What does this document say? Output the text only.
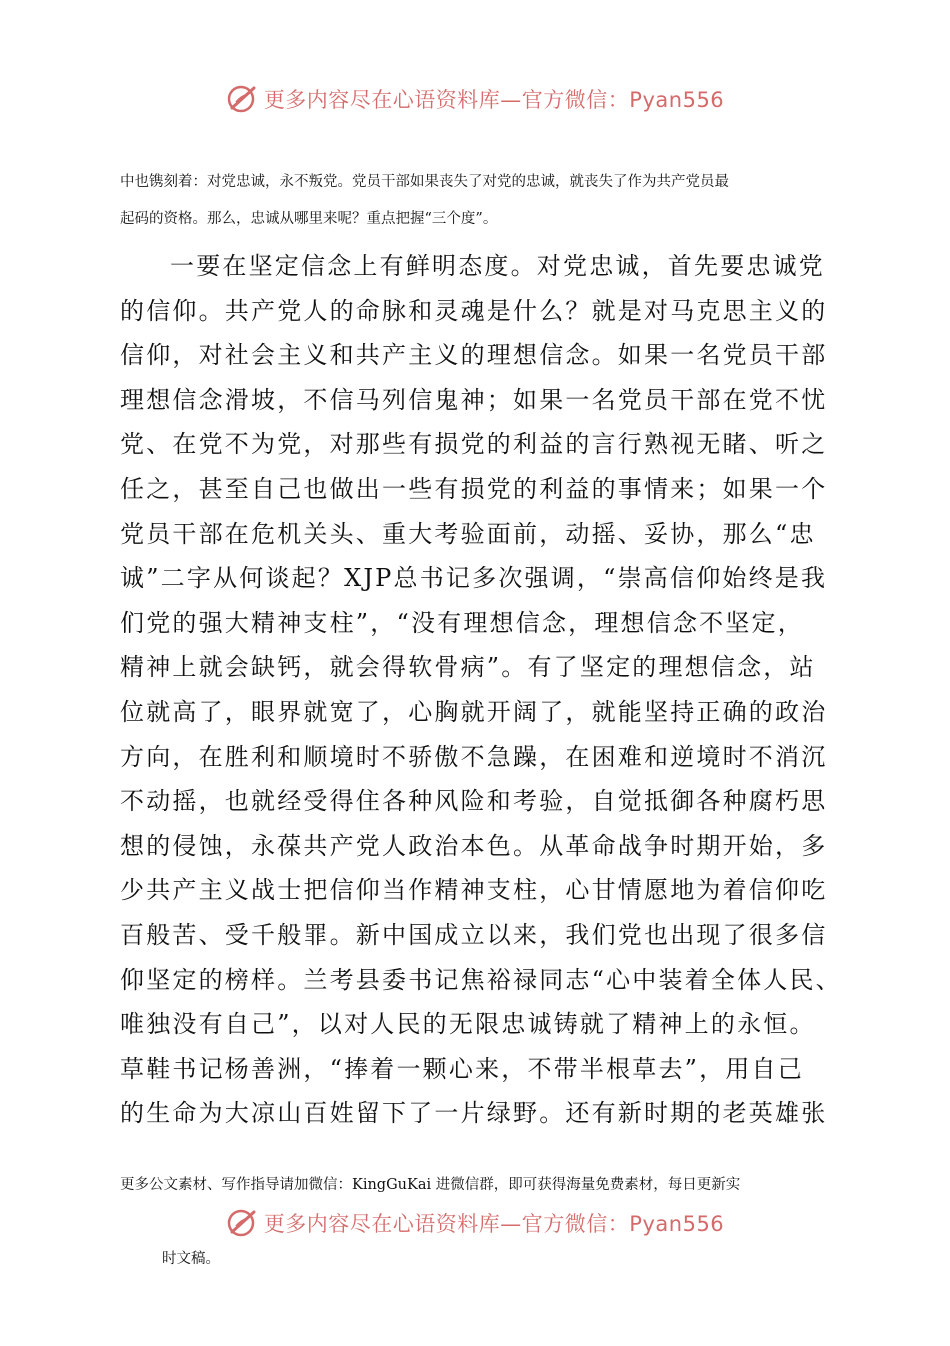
更多内容尽在心语资料库—官方微信：Pyan556
中也镌刻着：对党忠诚，永不叛党。党员干部如果丧失了对党的忠诚，就丧失了作为共产党员最
起码的资格。那么，忠诚从哪里来呢？重点把握“三个度”。
一要在坚定信念上有鲜明态度。对党忠诚，首先要忠诚党
的信仰。共产党人的命脉和灵魂是什么？就是对马克思主义的
信仰，对社会主义和共产主义的理想信念。如果一名党员干部
理想信念滑坡，不信马列信鬼神；如果一名党员干部在党不忧
党、在党不为党，对那些有损党的利益的言行熟视无睹、听之
任之，甚至自己也做出一些有损党的利益的事情来；如果一个
党员干部在危机关头、重大考验面前，动摇、妥协，那么“忠
诚”二字从何谈起？XJP总书记多次强调，“崇高信仰始终是我
们党的强大精神支柱”，“没有理想信念，理想信念不坚定，
精神上就会缺钙，就会得软骨病”。有了坚定的理想信念，站
位就高了，眼界就宽了，心胸就开阔了，就能坚持正确的政治
方向，在胜利和顺境时不骄傲不急躁，在困难和逆境时不消沉
不动摇，也就经受得住各种风险和考验，自觉抵御各种腐朽思
想的侵蚀，永葆共产党人政治本色。从革命战争时期开始，多
少共产主义战士把信仰当作精神支柱，心甘情愿地为着信仰吃
百般苦、受千般罪。新中国成立以来，我们党也出现了很多信
仰坚定的榜样。兰考县委书记焦裕禄同志“心中装着全体人民、
唯独没有自己”，以对人民的无限忠诚铸就了精神上的永恒。
草鞋书记杨善洲，“捧着一颗心来，不带半根草去”，用自己
的生命为大凉山百姓留下了一片绿野。还有新时期的老英雄张
更多公文素材、写作指导请加微信：KingGuKai 进微信群，即可获得海量免费素材，每日更新实
更多内容尽在心语资料库—官方微信：Pyan556
时文稿。
